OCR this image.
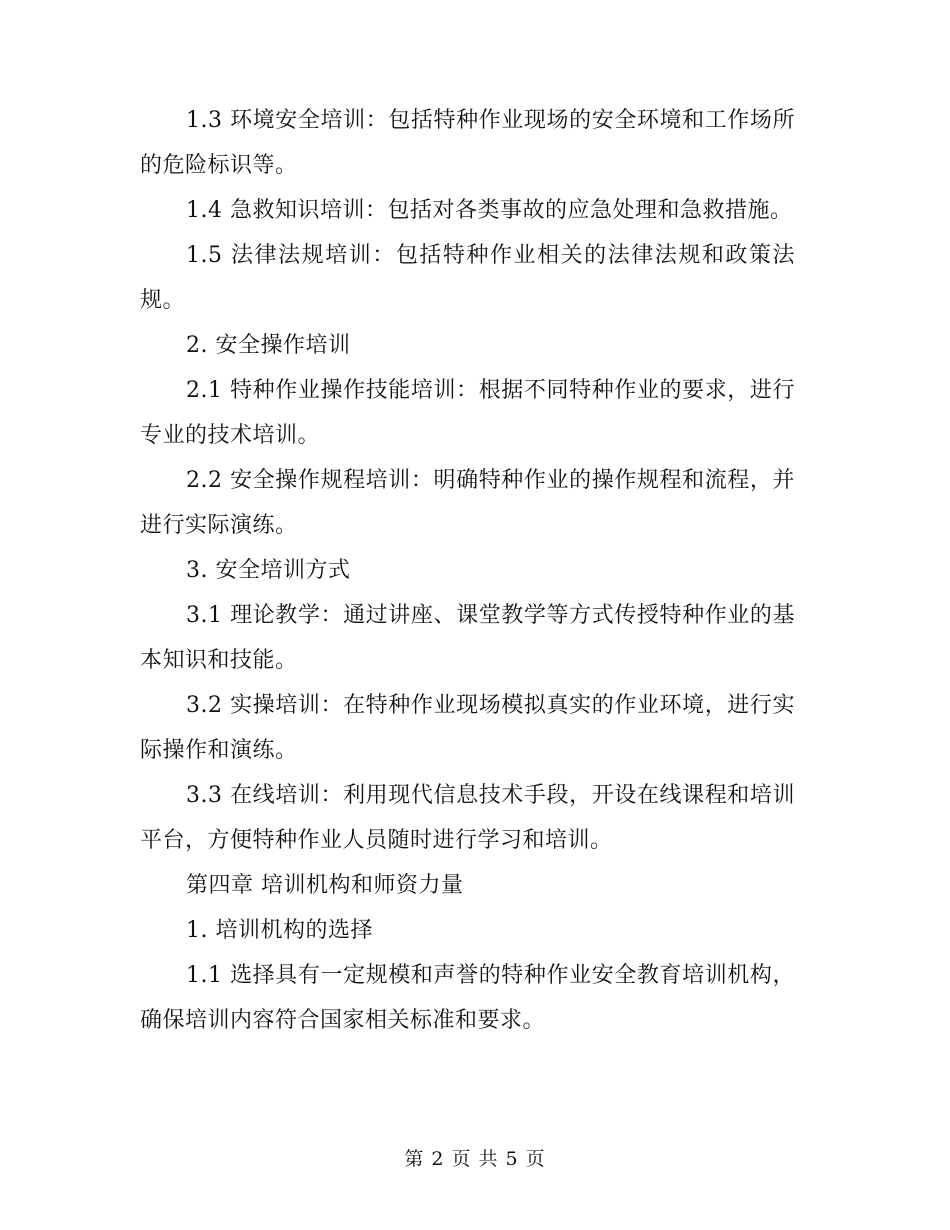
1.3 环境安全培训：包括特种作业现场的安全环境和工作场所的危险标识等。

1.4 急救知识培训：包括对各类事故的应急处理和急救措施。

1.5 法律法规培训：包括特种作业相关的法律法规和政策法规。

2. 安全操作培训

2.1 特种作业操作技能培训：根据不同特种作业的要求，进行专业的技术培训。

2.2 安全操作规程培训：明确特种作业的操作规程和流程，并进行实际演练。

3. 安全培训方式

3.1 理论教学：通过讲座、课堂教学等方式传授特种作业的基本知识和技能。

3.2 实操培训：在特种作业现场模拟真实的作业环境，进行实际操作和演练。

3.3 在线培训：利用现代信息技术手段，开设在线课程和培训平台，方便特种作业人员随时进行学习和培训。

第四章 培训机构和师资力量

1. 培训机构的选择

1.1 选择具有一定规模和声誉的特种作业安全教育培训机构，确保培训内容符合国家相关标准和要求。

第 2 页 共 5 页
